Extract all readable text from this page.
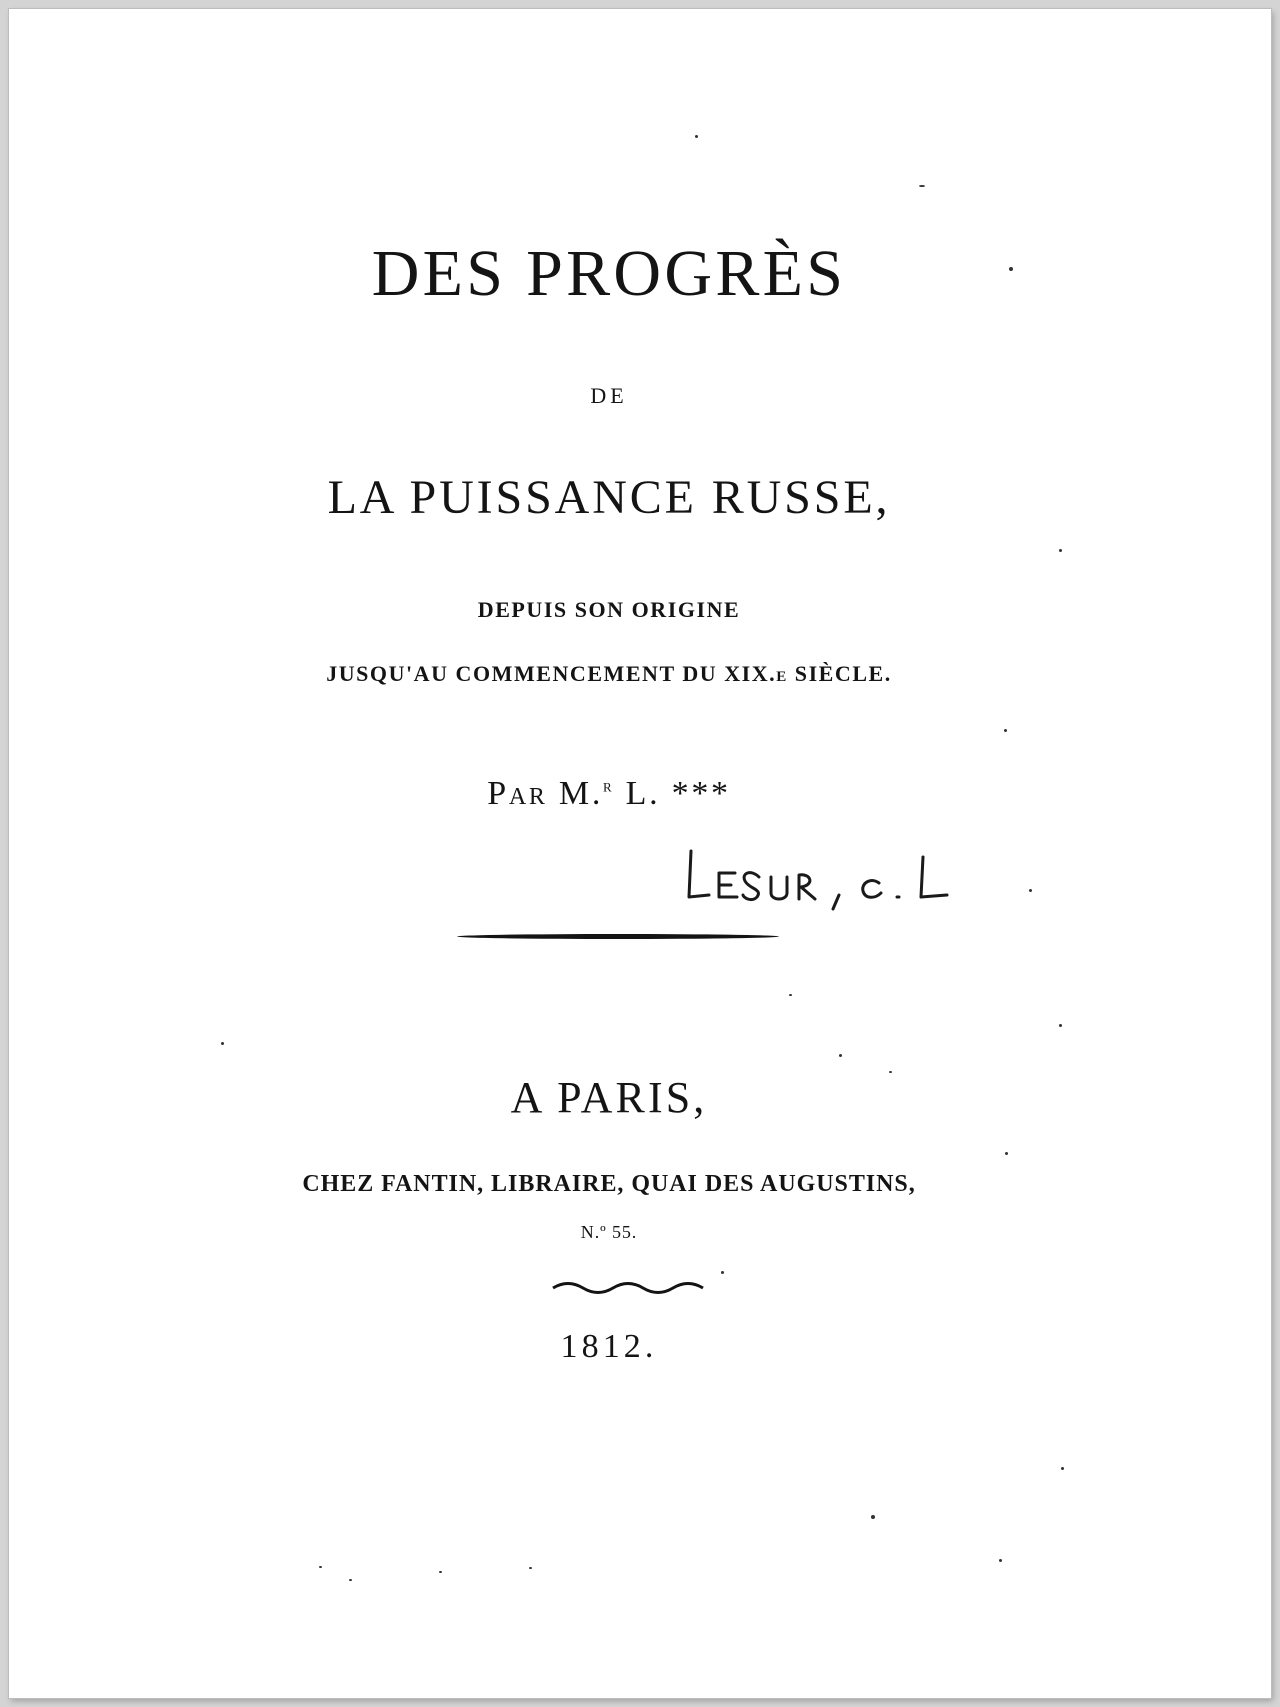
DES PROGRÈS
DE
LA PUISSANCE RUSSE,
DEPUIS SON ORIGINE
JUSQU'AU COMMENCEMENT DU XIX.e SIÈCLE.
Par M.$^r$ L. ***
A PARIS,
CHEZ FANTIN, LIBRAIRE, QUAI DES AUGUSTINS,
N.º 55.
1812.
